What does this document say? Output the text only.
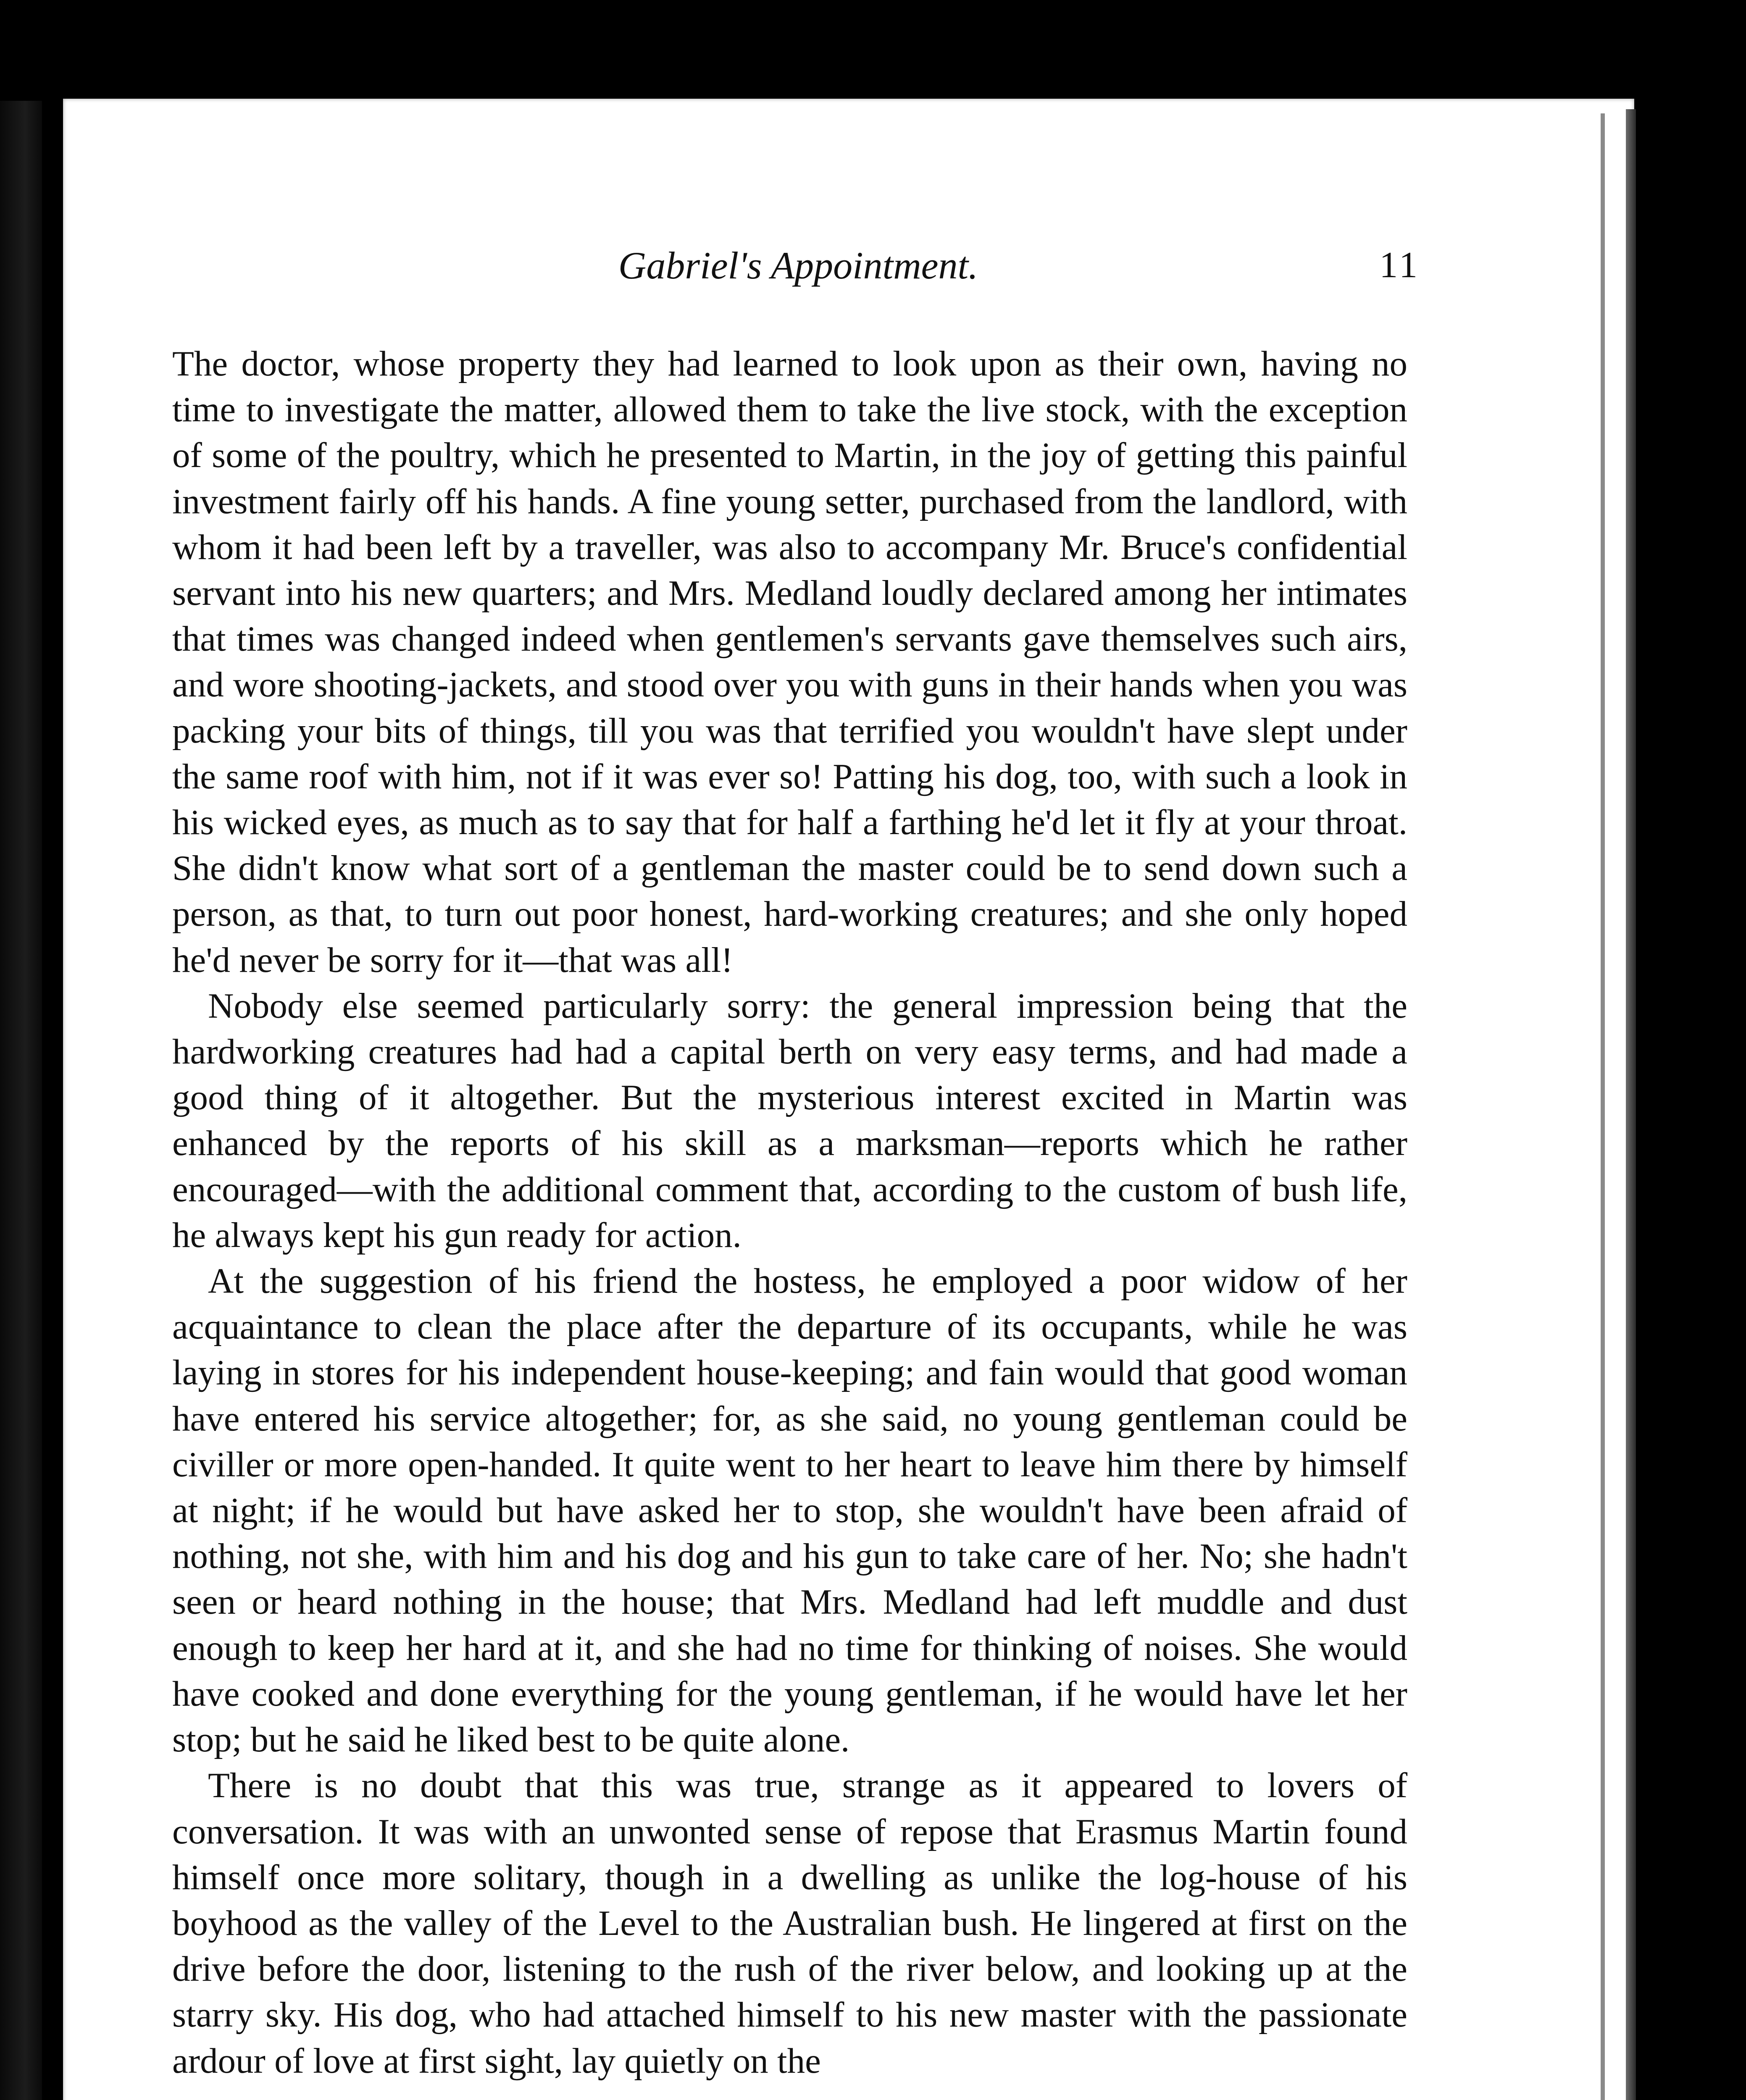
Gabriel's Appointment.	11

The doctor, whose property they had learned to look upon as their own, having no time to investigate the matter, allowed them to take the live stock, with the exception of some of the poultry, which he presented to Martin, in the joy of getting this painful investment fairly off his hands. A fine young setter, purchased from the landlord, with whom it had been left by a traveller, was also to accompany Mr. Bruce's confidential servant into his new quarters; and Mrs. Medland loudly declared among her intimates that times was changed indeed when gentlemen's servants gave themselves such airs, and wore shooting-jackets, and stood over you with guns in their hands when you was packing your bits of things, till you was that terrified you wouldn't have slept under the same roof with him, not if it was ever so! Patting his dog, too, with such a look in his wicked eyes, as much as to say that for half a farthing he'd let it fly at your throat. She didn't know what sort of a gentleman the master could be to send down such a person, as that, to turn out poor honest, hard-working creatures; and she only hoped he'd never be sorry for it—that was all!

Nobody else seemed particularly sorry: the general impression being that the hardworking creatures had had a capital berth on very easy terms, and had made a good thing of it altogether. But the mysterious interest excited in Martin was enhanced by the reports of his skill as a marksman—reports which he rather encouraged—with the additional comment that, according to the custom of bush life, he always kept his gun ready for action.

At the suggestion of his friend the hostess, he employed a poor widow of her acquaintance to clean the place after the departure of its occupants, while he was laying in stores for his independent house-keeping; and fain would that good woman have entered his service altogether; for, as she said, no young gentleman could be civiller or more open-handed. It quite went to her heart to leave him there by himself at night; if he would but have asked her to stop, she wouldn't have been afraid of nothing, not she, with him and his dog and his gun to take care of her. No; she hadn't seen or heard nothing in the house; that Mrs. Medland had left muddle and dust enough to keep her hard at it, and she had no time for thinking of noises. She would have cooked and done everything for the young gentleman, if he would have let her stop; but he said he liked best to be quite alone.

There is no doubt that this was true, strange as it appeared to lovers of conversation. It was with an unwonted sense of repose that Erasmus Martin found himself once more solitary, though in a dwelling as unlike the log-house of his boyhood as the valley of the Level to the Australian bush. He lingered at first on the drive before the door, listening to the rush of the river below, and looking up at the starry sky. His dog, who had attached himself to his new master with the passionate ardour of love at first sight, lay quietly on the
